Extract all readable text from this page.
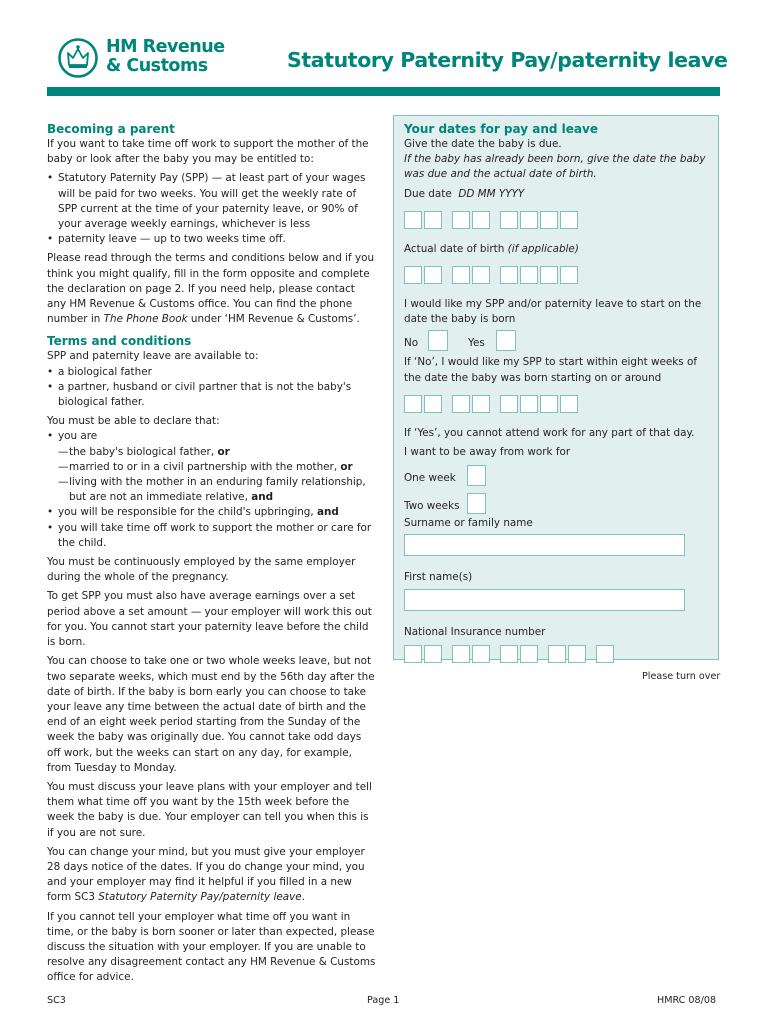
HM Revenue
& Customs	Statutory Paternity Pay/paternity leave
Becoming a parent

If you want to take time off work to support the mother of the baby or look after the baby you may be entitled to:

• Statutory Paternity Pay (SPP) — at least part of your wages will be paid for two weeks. You will get the weekly rate of SPP current at the time of your paternity leave, or 90% of your average weekly earnings, whichever is less
• paternity leave — up to two weeks time off.

Please read through the terms and conditions below and if you think you might qualify, fill in the form opposite and complete the declaration on page 2. If you need help, please contact any HM Revenue & Customs office. You can find the phone number in The Phone Book under ‘HM Revenue & Customs’.

Terms and conditions

SPP and paternity leave are available to:

• a biological father
• a partner, husband or civil partner that is not the baby's biological father.

You must be able to declare that:

• you are
— the baby's biological father, or
— married to or in a civil partnership with the mother, or
— living with the mother in an enduring family relationship, but are not an immediate relative, and
• you will be responsible for the child's upbringing, and
• you will take time off work to support the mother or care for the child.

You must be continuously employed by the same employer during the whole of the pregnancy.

To get SPP you must also have average earnings over a set period above a set amount — your employer will work this out for you. You cannot start your paternity leave before the child is born.

You can choose to take one or two whole weeks leave, but not two separate weeks, which must end by the 56th day after the date of birth. If the baby is born early you can choose to take your leave any time between the actual date of birth and the end of an eight week period starting from the Sunday of the week the baby was originally due. You cannot take odd days off work, but the weeks can start on any day, for example, from Tuesday to Monday.

You must discuss your leave plans with your employer and tell them what time off you want by the 15th week before the week the baby is due. Your employer can tell you when this is if you are not sure.

You can change your mind, but you must give your employer 28 days notice of the dates. If you do change your mind, you and your employer may find it helpful if you filled in a new form SC3 Statutory Paternity Pay/paternity leave.

If you cannot tell your employer what time off you want in time, or the baby is born sooner or later than expected, please discuss the situation with your employer. If you are unable to resolve any disagreement contact any HM Revenue & Customs office for advice.

Your dates for pay and leave

Give the date the baby is due.

If the baby has already been born, give the date the baby was due and the actual date of birth.

Due date DD MM YYYY

Actual date of birth (if applicable)

I would like my SPP and/or paternity leave to start on the date the baby is born

No	Yes

If ‘No’, I would like my SPP to start within eight weeks of the date the baby was born starting on or around

If ‘Yes’, you cannot attend work for any part of that day.

I want to be away from work for

One week
Two weeks

Surname or family name

First name(s)

National Insurance number

Please turn over
SC3	Page 1	HMRC 08/08
